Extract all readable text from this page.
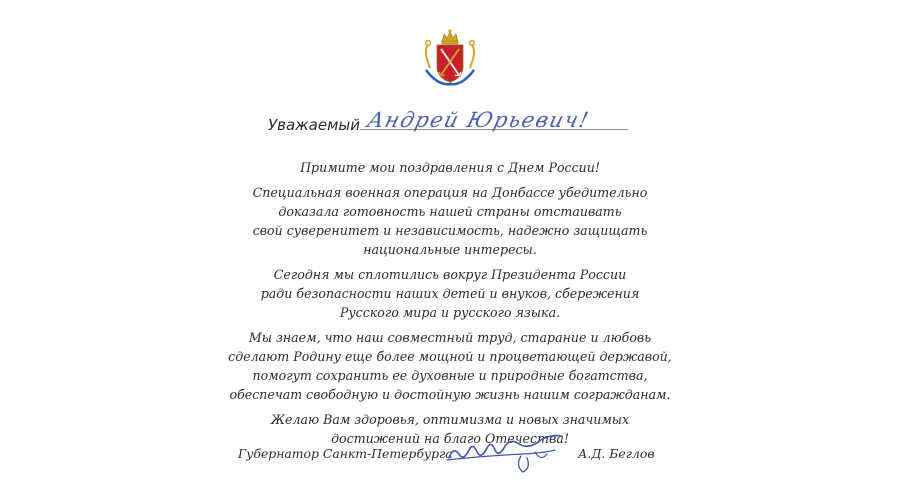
Уважаемый Андрей Юрьевич!

Примите мои поздравления с Днем России!

Специальная военная операция на Донбассе убедительно
доказала готовность нашей страны отстаивать
свой суверенитет и независимость, надежно защищать
национальные интересы.

Сегодня мы сплотились вокруг Президента России
ради безопасности наших детей и внуков, сбережения
Русского мира и русского языка.

Мы знаем, что наш совместный труд, старание и любовь
сделают Родину еще более мощной и процветающей державой,
помогут сохранить ее духовные и природные богатства,
обеспечат свободную и достойную жизнь нашим согражданам.

Желаю Вам здоровья, оптимизма и новых значимых
достижений на благо Отечества!

Губернатор Санкт-Петербурга	А.Д. Беглов
